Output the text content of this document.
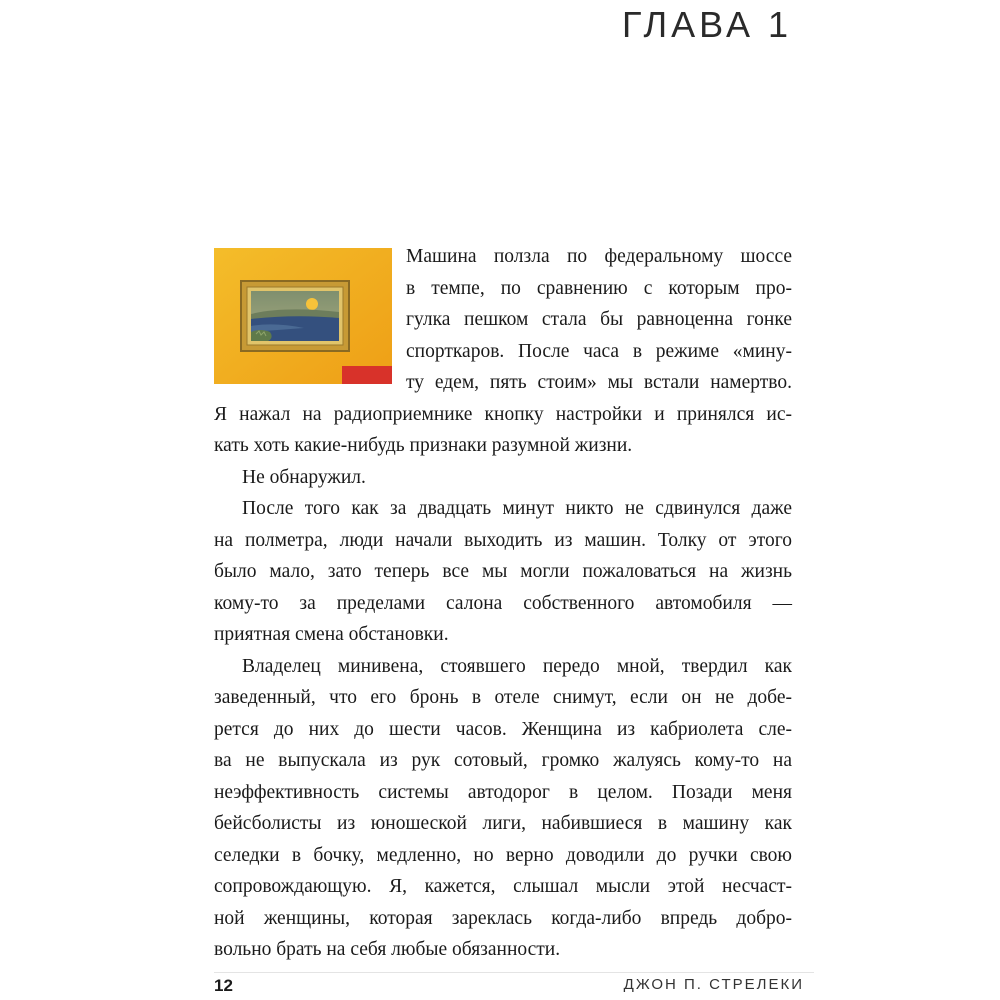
ГЛАВА 1
Машина ползла по федеральному шоссе
в темпе, по сравнению с которым про-
гулка пешком стала бы равноценна гонке
спорткаров. После часа в режиме «мину-
ту едем, пять стоим» мы встали намертво.
Я нажал на радиоприемнике кнопку настройки и принялся ис-
кать хоть какие-нибудь признаки разумной жизни.
Не обнаружил.
После того как за двадцать минут никто не сдвинулся даже
на полметра, люди начали выходить из машин. Толку от этого
было мало, зато теперь все мы могли пожаловаться на жизнь
кому-то за пределами салона собственного автомобиля —
приятная смена обстановки.
Владелец минивена, стоявшего передо мной, твердил как
заведенный, что его бронь в отеле снимут, если он не добе-
рется до них до шести часов. Женщина из кабриолета сле-
ва не выпускала из рук сотовый, громко жалуясь кому-то на
неэффективность системы автодорог в целом. Позади меня
бейсболисты из юношеской лиги, набившиеся в машину как
селедки в бочку, медленно, но верно доводили до ручки свою
сопровождающую. Я, кажется, слышал мысли этой несчаст-
ной женщины, которая зареклась когда-либо впредь добро-
вольно брать на себя любые обязанности.
12	ДЖОН П. СТРЕЛЕКИ
